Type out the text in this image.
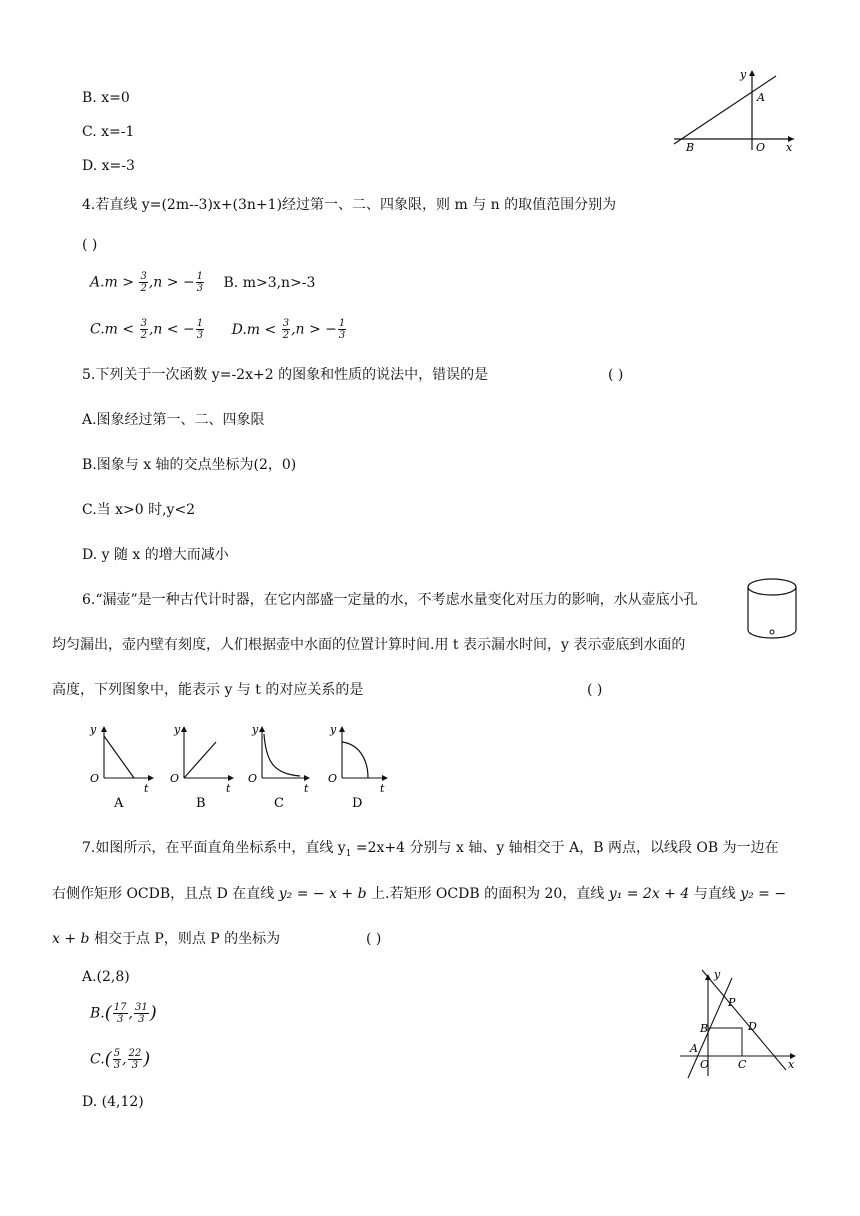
B. x=0
C. x=-1
D. x=-3
y
A
B	O x
4.若直线 y=(2m--3)x+(3n+1)经过第一、二、四象限，则 m 与 n 的取值范围分别为
( )
$A.m > \frac{3}{2} ,n$ > − $\frac{1}{3} B$. m>3,n>-3
$C.m < \frac{3}{2} ,n$ < − $\frac{1}{3} D.m < \frac{3}{2} ,n$ > − $\frac{1}{3}$
5.下列关于一次函数 y=-2x+2 的图象和性质的说法中，错误的是	( )
A.图象经过第一、二、四象限
B.图象与 x 轴的交点坐标为(2，0)
C.当 x>0 时,y<2
D. y 随 x 的增大而减小
6.“漏壶”是一种古代计时器，在它内部盛一定量的水，不考虑水量变化对压力的影响，水从壶底小孔
均匀漏出，壶内壁有刻度，人们根据壶中水面的位置计算时间.用 t 表示漏水时间，y 表示壶底到水面的
高度，下列图象中，能表示 y 与 t 的对应关系的是	( )
y
O
t
A
y
O
t
B
y
O
t
C
y
O
t
D
7.如图所示，在平面直角坐标系中，直线 $y_1 =2x+4$ 分别与 x 轴、y 轴相交于 A，B 两点，以线段 OB 为一边在
右侧作矩形 OCDB，且点 D 在直线 y₂ = − x + b 上.若矩形 OCDB 的面积为 20，直线 y₁ = 2x + 4 与直线 y₂ = −
x + b 相交于点 P，则点 P 的坐标为	( )
A.(2,8)
$B.( \frac{17}{3}$ , $\frac{31}{3}$ )
$C.( \frac{5}{3}$ , $\frac{22}{3}$ )
D. (4,12)
y
P
B	D
A
O	C	x
